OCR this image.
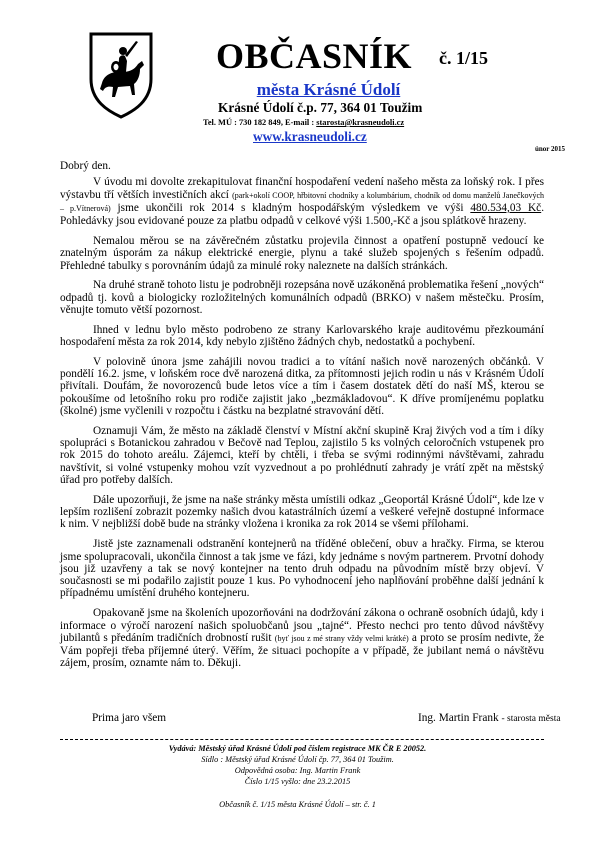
OBČASNÍK č. 1/15
města Krásné Údolí
Krásné Údolí č.p. 77, 364 01 Toužim
Tel. MÚ : 730 182 849, E-mail : starosta@krasneudoli.cz
www.krasneudoli.cz
únor 2015

Dobrý den.

V úvodu mi dovolte zrekapitulovat finanční hospodaření vedení našeho města za loňský rok. I přes výstavbu tří větších investičních akcí (park+okolí COOP, hřbitovní chodníky a kolumbárium, chodník od domu manželů Janečkových – p.Vítnerová) jsme ukončili rok 2014 s kladným hospodářským výsledkem ve výši 480.534,03 Kč. Pohledávky jsou evidované pouze za platbu odpadů v celkové výši 1.500,-Kč a jsou splátkově hrazeny.

Nemalou měrou se na závěrečném zůstatku projevila činnost a opatření postupně vedoucí ke znatelným úsporám za nákup elektrické energie, plynu a také služeb spojených s řešením odpadů. Přehledné tabulky s porovnáním údajů za minulé roky naleznete na dalších stránkách.

Na druhé straně tohoto listu je podrobněji rozepsána nově uzákoněná problematika řešení „nových“ odpadů tj. kovů a biologicky rozložitelných komunálních odpadů (BRKO) v našem městečku. Prosím, věnujte tomuto větší pozornost.

Ihned v lednu bylo město podrobeno ze strany Karlovarského kraje auditovému přezkoumání hospodaření města za rok 2014, kdy nebylo zjištěno žádných chyb, nedostatků a pochybení.

V polovině února jsme zahájili novou tradici a to vítání našich nově narozených občánků. V pondělí 16.2. jsme, v loňském roce dvě narozená ditka, za přítomnosti jejich rodin u nás v Krásném Údolí přivítali. Doufám, že novorozenců bude letos více a tím i časem dostatek dětí do naší MŠ, kterou se pokoušíme od letošního roku pro rodiče zajistit jako „bezmákladovou“. K dříve promíjenému poplatku (školné) jsme vyčlenili v rozpočtu i částku na bezplatné stravování dětí.

Oznamuji Vám, že město na základě členství v Místní akční skupině Kraj živých vod a tím i díky spolupráci s Botanickou zahradou v Bečově nad Teplou, zajistilo 5 ks volných celoročních vstupenek pro rok 2015 do tohoto areálu. Zájemci, kteří by chtěli, i třeba se svými rodinnými návštěvami, zahradu navštívit, si volné vstupenky mohou vzít vyzvednout a po prohlédnutí zahrady je vrátí zpět na městský úřad pro potřeby dalších.

Dále upozorňuji, že jsme na naše stránky města umístili odkaz „Geoportál Krásné Údolí“, kde lze v lepším rozlišení zobrazit pozemky našich dvou katastrálních území a veškeré veřejně dostupné informace k nim. V nejbližší době bude na stránky vložena i kronika za rok 2014 se všemi přílohami.

Jistě jste zaznamenali odstranění kontejnerů na tříděné oblečení, obuv a hračky. Firma, se kterou jsme spolupracovali, ukončila činnost a tak jsme ve fázi, kdy jednáme s novým partnerem. Prvotní dohody jsou již uzavřeny a tak se nový kontejner na tento druh odpadu na původním místě brzy objeví. V současnosti se mi podařilo zajistit pouze 1 kus. Po vyhodnocení jeho naplňování proběhne další jednání k případnému umístění druhého kontejneru.

Opakovaně jsme na školeních upozorňováni na dodržování zákona o ochraně osobních údajů, kdy i informace o výročí narození našich spoluobčanů jsou „tajné“. Přesto nechci pro tento důvod návštěvy jubilantů s předáním tradičních drobností rušit (byť jsou z mé strany vždy velmi krátké) a proto se prosím nedivte, že Vám popřeji třeba příjemné úterý. Věřím, že situaci pochopíte a v případě, že jubilant nemá o návštěvu zájem, prosím, oznamte nám to. Děkuji.

Prima jaro všem	Ing. Martin Frank - starosta města
Vydává: Městský úřad Krásné Údolí pod číslem registrace MK ČR E 20052.
Sídlo : Městský úřad Krásné Údolí čp. 77, 364 01 Toužim.
Odpovědná osoba: Ing. Martin Frank
Číslo 1/15 vyšlo: dne 23.2.2015
Občasník č. 1/15 města Krásné Údolí – str. č. 1
